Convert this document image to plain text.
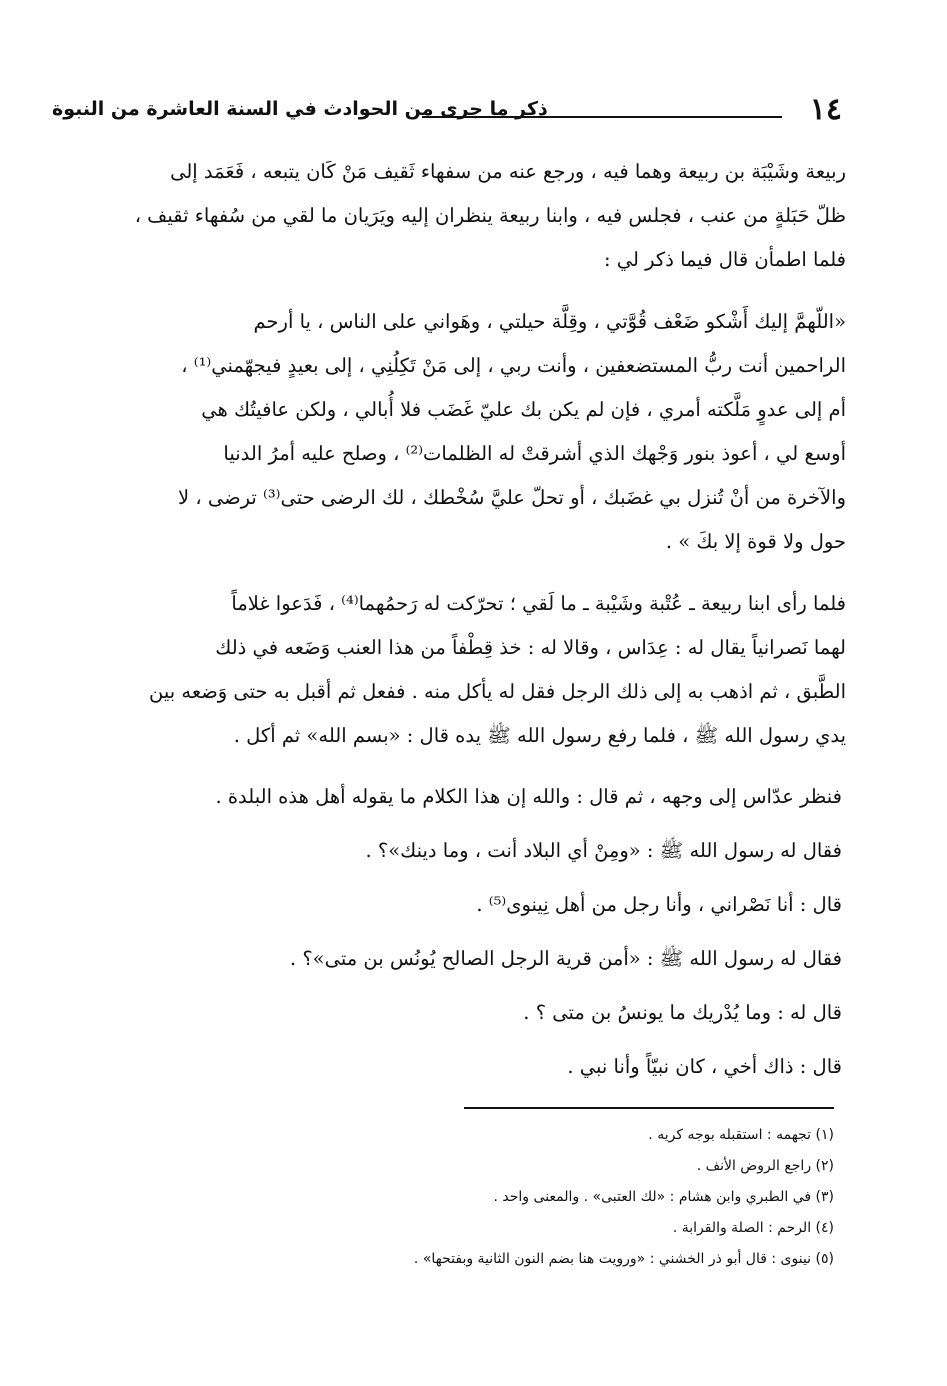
١٤
ذكر ما جرى من الحوادث في السنة العاشرة من النبوة

ربيعة وشَيْبَة بن ربيعة وهما فيه ، ورجع عنه من سفهاء ثَقيف مَنْ كَان يتبعه ، فَعَمَد إلى
ظلّ حَبَلةٍ من عنب ، فجلس فيه ، وابنا ربيعة ينظران إليه ويَرَيان ما لقي من سُفهاء ثقيف ،
فلما اطمأن قال فيما ذكر لي :

«اللّهمَّ إليك أَشْكو ضَعْف قُوَّتي ، وقِلَّة حيلتي ، وهَواني على الناس ، يا أرحم
الراحمين أنت ربُّ المستضعفين ، وأنت ربي ، إلى مَنْ تَكِلُنِي ، إلى بعيدٍ فيجهّمني⁽¹⁾ ،
أم إلى عدوٍ مَلَّكته أمري ، فإن لم يكن بك عليّ غَضَب فلا أُبالي ، ولكن عافيتُك هي
أوسع لي ، أعوذ بنور وَجْهك الذي أشرقتْ له الظلمات⁽²⁾ ، وصلح عليه أمرُ الدنيا
والآخرة من أنْ تُنزل بي غضَبك ، أو تحلّ عليَّ سُخْطك ، لك الرضى حتى⁽³⁾ ترضى ، لا
حول ولا قوة إلا بكَ » .

فلما رأى ابنا ربيعة ـ عُتْبة وشَيْبة ـ ما لَقي ؛ تحرّكت له رَحمُهما⁽⁴⁾ ، فَدَعوا غلاماً
لهما نَصرانياً يقال له : عِدَاس ، وقالا له : خذ قِطْفاً من هذا العنب وَضَعه في ذلك
الطَّبق ، ثم اذهب به إلى ذلك الرجل فقل له يأكل منه . ففعل ثم أقبل به حتى وَضعه بين
يدي رسول الله ﷺ ، فلما رفع رسول الله ﷺ يده قال : «بسم الله» ثم أكل .

فنظر عدّاس إلى وجهه ، ثم قال : والله إن هذا الكلام ما يقوله أهل هذه البلدة .
فقال له رسول الله ﷺ : «ومِنْ أي البلاد أنت ، وما دينك»؟ .
قال : أنا نَصْراني ، وأنا رجل من أهل نِينوى⁽⁵⁾ .
فقال له رسول الله ﷺ : «أمن قرية الرجل الصالح يُونُس بن متى»؟ .
قال له : وما يُدْريك ما يونسُ بن متى ؟ .
قال : ذاك أخي ، كان نبيّاً وأنا نبي .
(١) تجهمه : استقبله بوجه كريه .
(٢) راجع الروض الأنف .
(٣) في الطبري وابن هشام : «لك العتبى» . والمعنى واحد .
(٤) الرحم : الصلة والقرابة .
(٥) نينوى : قال أبو ذر الخشني : «ورويت هنا بضم النون الثانية وبفتحها» .
